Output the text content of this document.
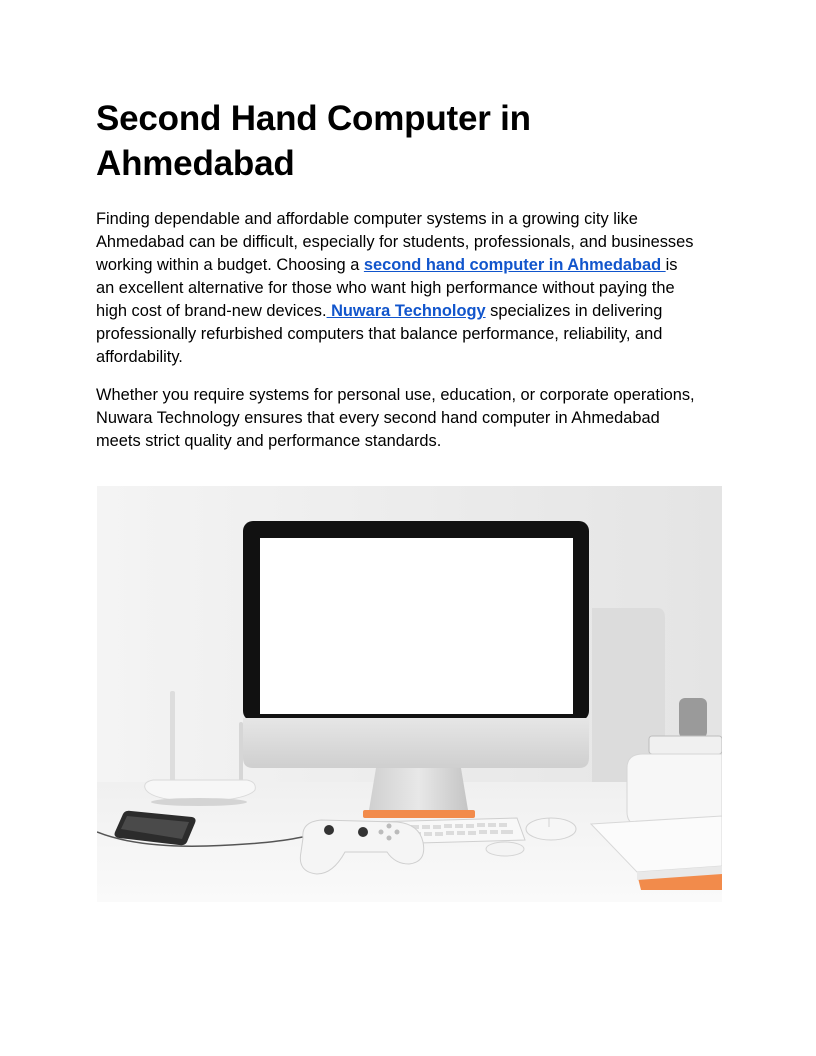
Second Hand Computer in Ahmedabad

Finding dependable and affordable computer systems in a growing city like Ahmedabad can be difficult, especially for students, professionals, and businesses working within a budget. Choosing a second hand computer in Ahmedabad is an excellent alternative for those who want high performance without paying the high cost of brand-new devices. Nuwara Technology specializes in delivering professionally refurbished computers that balance performance, reliability, and affordability.

Whether you require systems for personal use, education, or corporate operations, Nuwara Technology ensures that every second hand computer in Ahmedabad meets strict quality and performance standards.
